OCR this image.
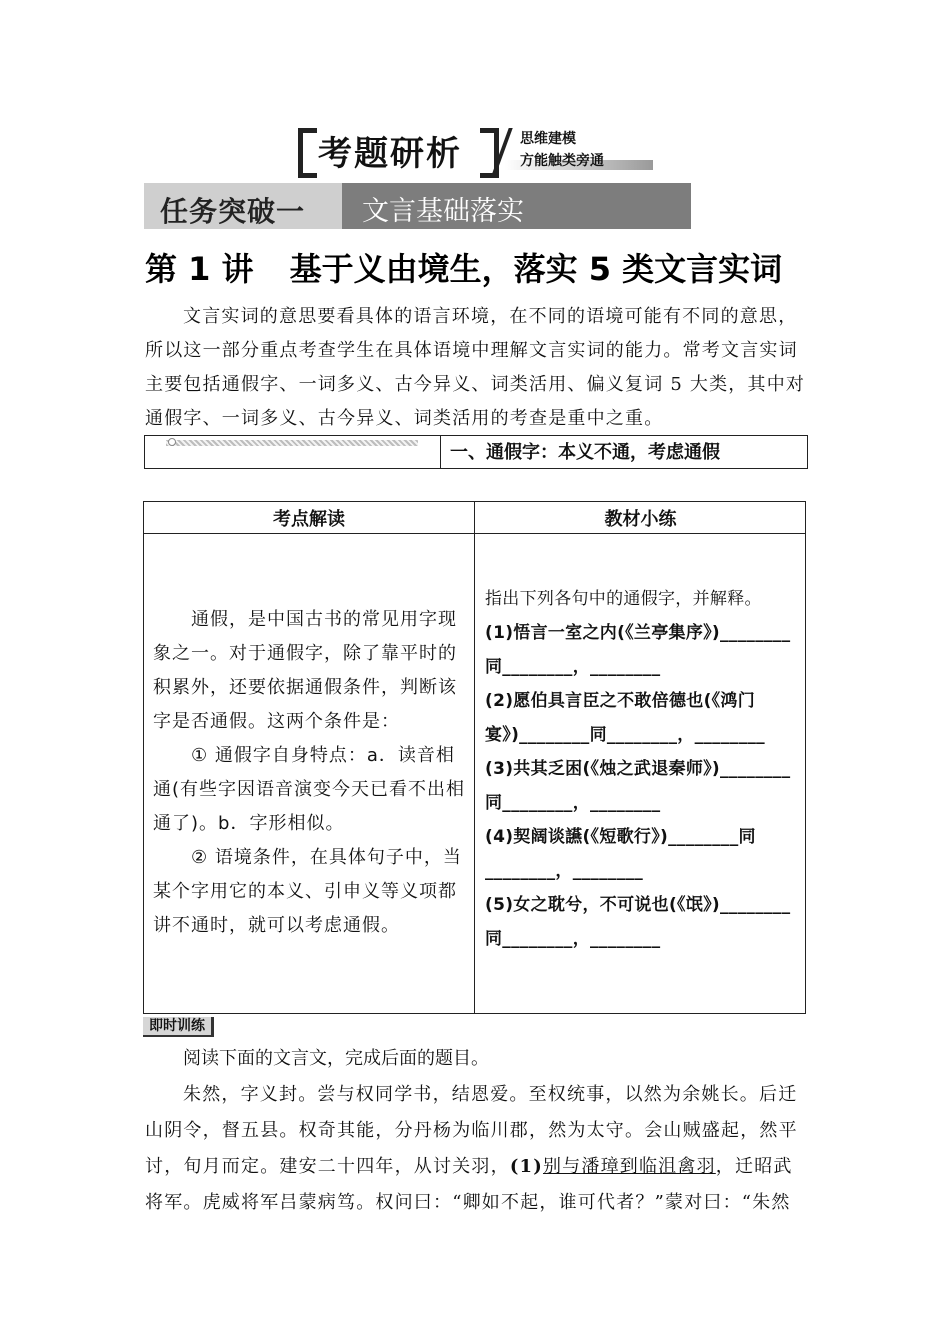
考题研析	思维建模
方能触类旁通
任务突破一 文言基础落实
第 1 讲 基于义由境生，落实 5 类文言实词
文言实词的意思要看具体的语言环境，在不同的语境可能有不同的意思，所以这一部分重点考查学生在具体语境中理解文言实词的能力。常考文言实词主要包括通假字、一词多义、古今异义、词类活用、偏义复词 5 大类，其中对通假字、一词多义、古今异义、词类活用的考查是重中之重。
一、通假字：本义不通，考虑通假
考点解读	教材小练

通假，是中国古书的常见用字现象之一。对于通假字，除了靠平时的积累外，还要依据通假条件，判断该字是否通假。这两个条件是：

① 通假字自身特点：a．读音相通(有些字因语音演变今天已看不出相通了)。b．字形相似。

② 语境条件，在具体句子中，当某个字用它的本义、引申义等义项都讲不通时，就可以考虑通假。

指出下列各句中的通假字，并解释。

(1)悟言一室之内(《兰亭集序》)________同________，________

(2)愿伯具言臣之不敢倍德也(《鸿门宴》)________同________，________

(3)共其乏困(《烛之武退秦师》)________同________，________

(4)契阔谈讌(《短歌行》)________同________，________

(5)女之耽兮，不可说也(《氓》)________同________，________

即时训练
阅读下面的文言文，完成后面的题目。
朱然，字义封。尝与权同学书，结恩爱。至权统事，以然为余姚长。后迁山阴令，督五县。权奇其能，分丹杨为临川郡，然为太守。会山贼盛起，然平讨，旬月而定。建安二十四年，从讨关羽，(1)别与潘璋到临沮禽羽，迁昭武将军。虎威将军吕蒙病笃。权问曰：“卿如不起，谁可代者？”蒙对曰：“朱然
